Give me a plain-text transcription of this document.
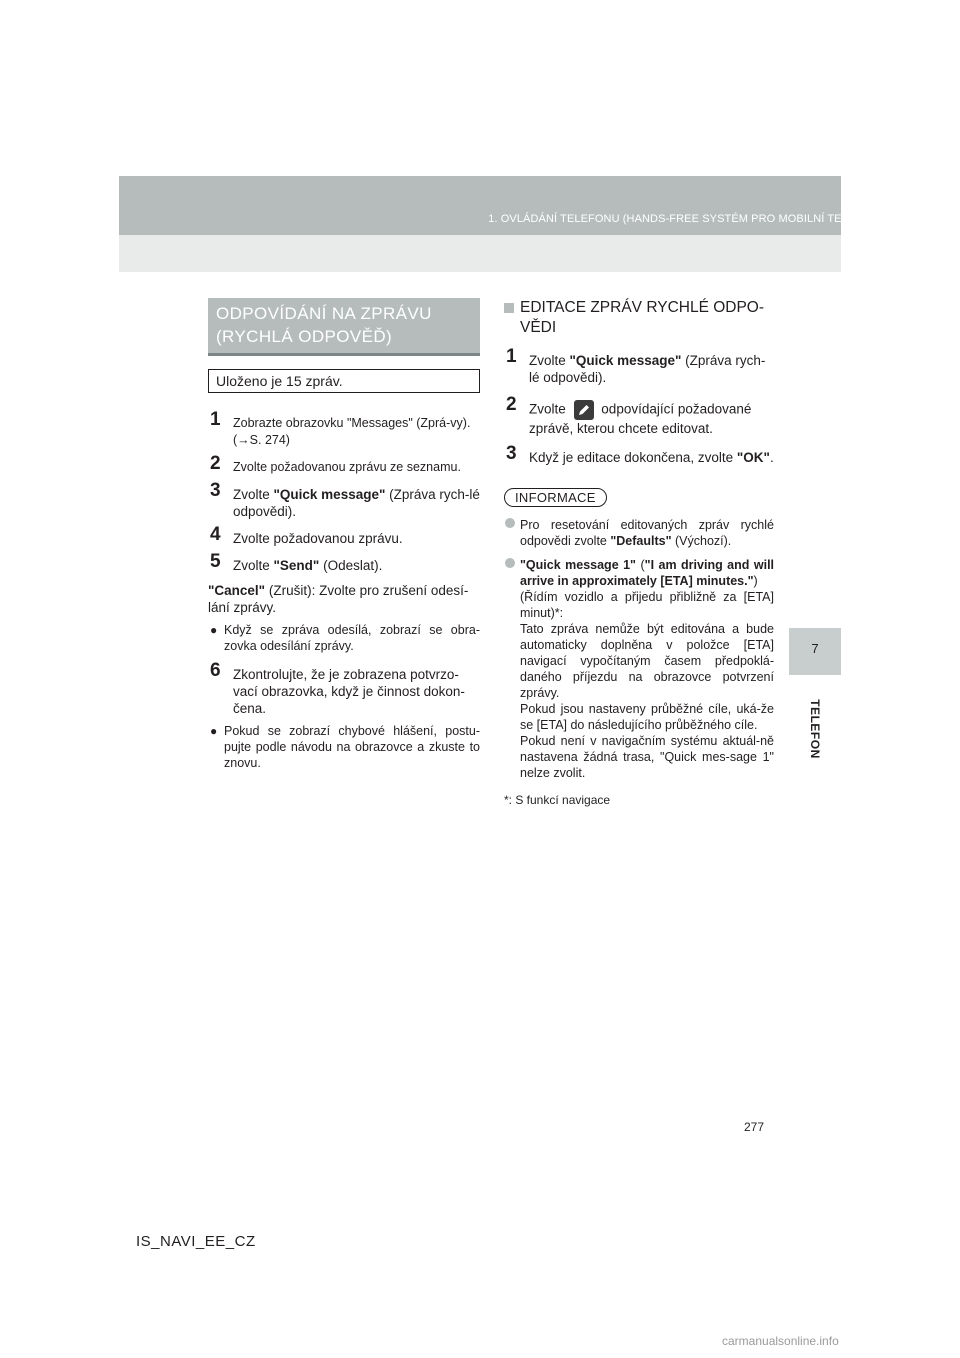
1. OVLÁDÁNÍ TELEFONU (HANDS-FREE SYSTÉM PRO MOBILNÍ TELEFONY)
7
TELEFON
ODPOVÍDÁNÍ NA ZPRÁVU
(RYCHLÁ ODPOVĚĎ)
Uloženo je 15 zpráv.
1 Zobrazte obrazovku "Messages" (Zprá-vy). (→S. 274)
2 Zvolte požadovanou zprávu ze seznamu.
3 Zvolte "Quick message" (Zpráva rych-lé odpovědi).
4 Zvolte požadovanou zprávu.
5 Zvolte "Send" (Odeslat).
"Cancel" (Zrušit): Zvolte pro zrušení odesí-lání zprávy.
● Když se zpráva odesílá, zobrazí se obra-zovka odesílání zprávy.
6 Zkontrolujte, že je zobrazena potvrzo-vací obrazovka, když je činnost dokon-čena.
● Pokud se zobrazí chybové hlášení, postu-pujte podle návodu na obrazovce a zkuste to znovu.
EDITACE ZPRÁV RYCHLÉ ODPO-
VĚDI
1 Zvolte "Quick message" (Zpráva rych-lé odpovědi).
2 Zvolte	odpovídající požadované zprávě, kterou chcete editovat.
3 Když je editace dokončena, zvolte "OK".
INFORMACE
Pro resetování editovaných zpráv rychlé odpovědi zvolte "Defaults" (Výchozí).
"Quick message 1" ("I am driving and will arrive in approximately [ETA] minutes.")
(Řídím vozidlo a přijedu přibližně za [ETA] minut)*:
Tato zpráva nemůže být editována a bude automaticky doplněna v položce [ETA] navigací vypočítaným časem předpoklá-daného příjezdu na obrazovce potvrzení zprávy.
Pokud jsou nastaveny průběžné cíle, uká-že se [ETA] do následujícího průběžného cíle.
Pokud není v navigačním systému aktuál-ně nastavena žádná trasa, "Quick mes-sage 1" nelze zvolit.
*: S funkcí navigace
277
IS_NAVI_EE_CZ
carmanualsonline.info
